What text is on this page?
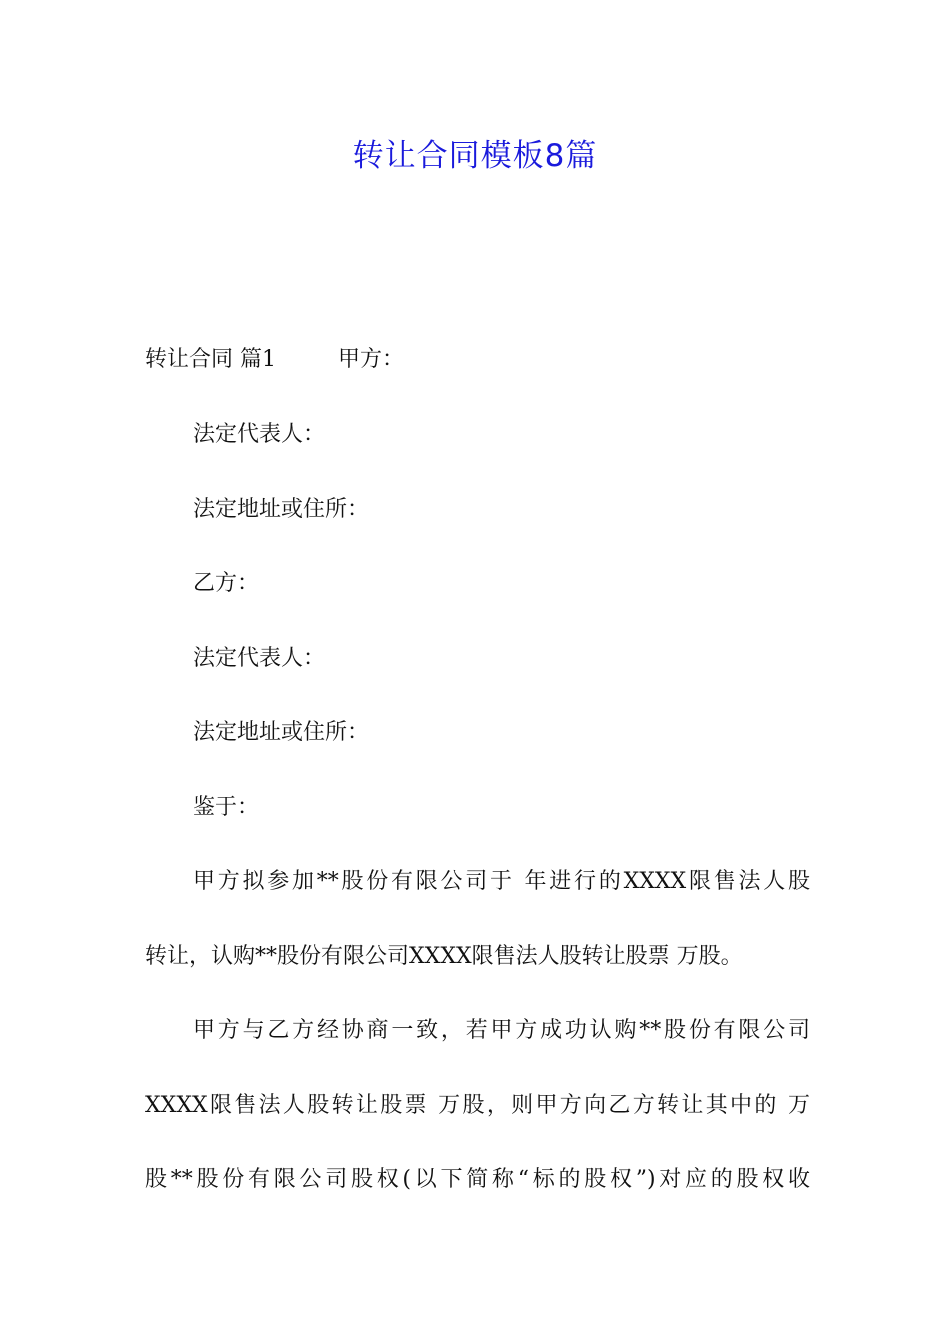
转让合同模板8篇
转让合同 篇1	甲方：
法定代表人：
法定地址或住所：
乙方：
法定代表人：
法定地址或住所：
鉴于：
甲方拟参加**股份有限公司于 年进行的XXXX限售法人股
转让，认购**股份有限公司XXXX限售法人股转让股票 万股。
甲方与乙方经协商一致，若甲方成功认购**股份有限公司
XXXX限售法人股转让股票 万股，则甲方向乙方转让其中的 万
股**股份有限公司股权(以下简称“标的股权”)对应的股权收
